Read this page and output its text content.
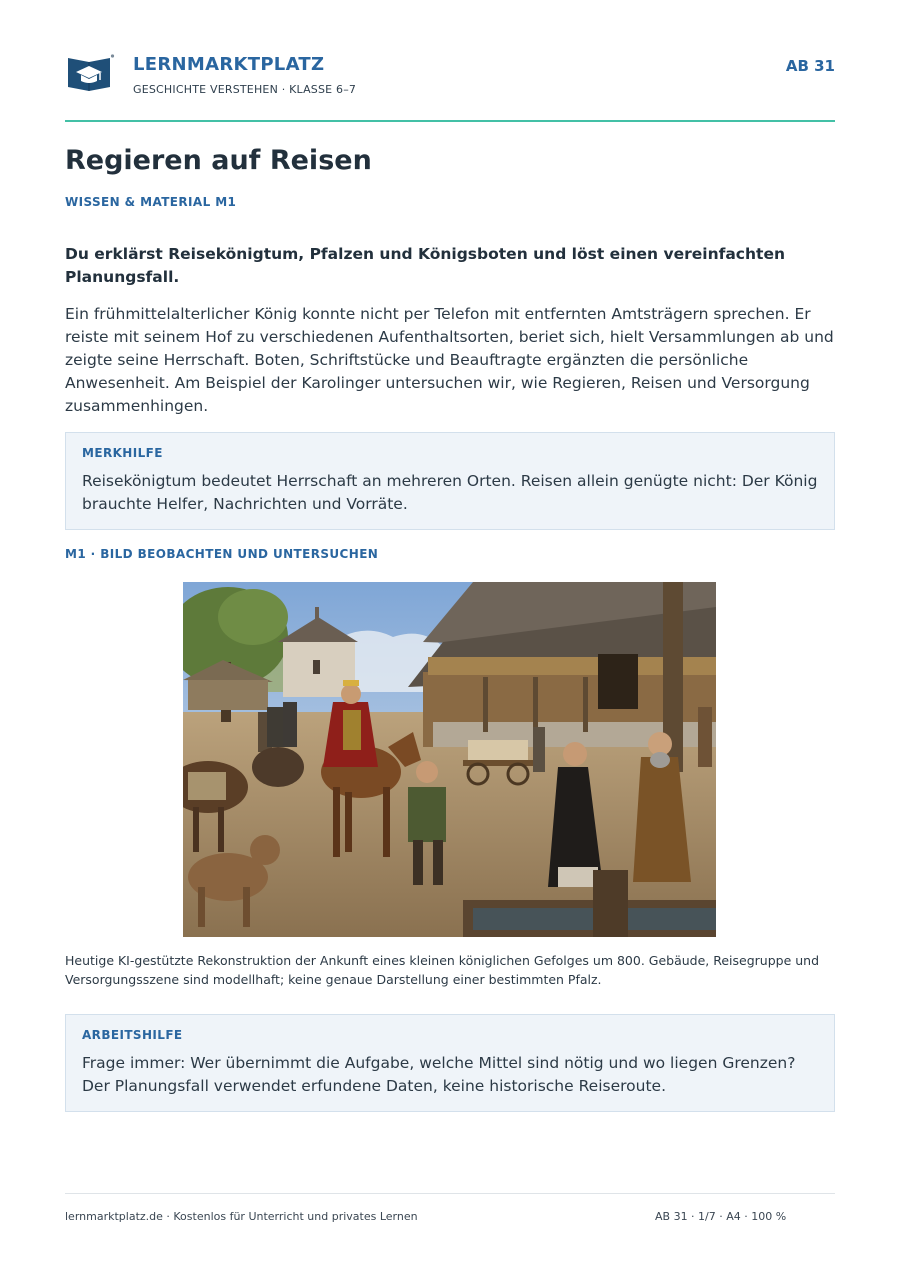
LERNMARKTPLATZ
GESCHICHTE VERSTEHEN · KLASSE 6–7
AB 31
Regieren auf Reisen
WISSEN & MATERIAL M1

Du erklärst Reisekönigtum, Pfalzen und Königsboten und löst einen vereinfachten Planungsfall.

Ein frühmittelalterlicher König konnte nicht per Telefon mit entfernten Amtsträgern sprechen. Er reiste mit seinem Hof zu verschiedenen Aufenthaltsorten, beriet sich, hielt Versammlungen ab und zeigte seine Herrschaft. Boten, Schriftstücke und Beauftragte ergänzten die persönliche Anwesenheit. Am Beispiel der Karolinger untersuchen wir, wie Regieren, Reisen und Versorgung zusammenhingen.

MERKHILFE
Reisekönigtum bedeutet Herrschaft an mehreren Orten. Reisen allein genügte nicht: Der König brauchte Helfer, Nachrichten und Vorräte.
M1 · BILD BEOBACHTEN UND UNTERSUCHEN

Heutige KI-gestützte Rekonstruktion der Ankunft eines kleinen königlichen Gefolges um 800. Gebäude, Reisegruppe und Versorgungsszene sind modellhaft; keine genaue Darstellung einer bestimmten Pfalz.

ARBEITSHILFE
Frage immer: Wer übernimmt die Aufgabe, welche Mittel sind nötig und wo liegen Grenzen? Der Planungsfall verwendet erfundene Daten, keine historische Reiseroute.
lernmarktplatz.de · Kostenlos für Unterricht und privates Lernen	AB 31 · 1/7 · A4 · 100 %
